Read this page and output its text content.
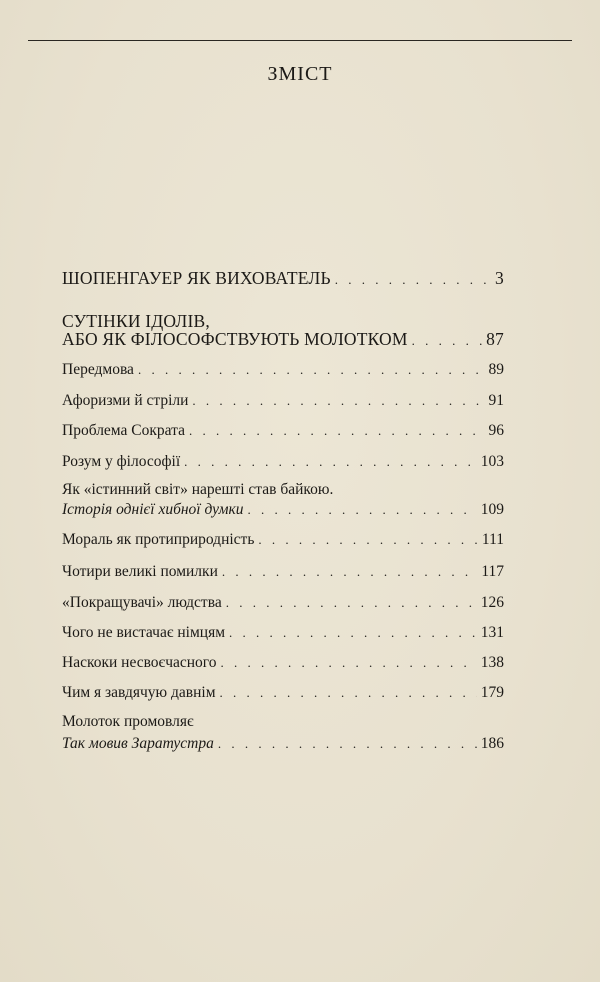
ЗМІСТ
ШОПЕНГАУЕР ЯК ВИХОВАТЕЛЬ . . .	3
СУТІНКИ ІДОЛІВ,
АБО ЯК ФІЛОСОФСТВУЮТЬ МОЛОТКОМ . . .	87
Передмова . . .	89
Афоризми й стріли . . .	91
Проблема Сократа . . .	96
Розум у філософії . . .	103
Як «істинний світ» нарешті став байкою.
Історія однієї хибної думки . . .	109
Мораль як протиприродність . . .	111
Чотири великі помилки . . .	117
«Покращувачі» людства . . .	126
Чого не вистачає німцям . . .	131
Наскоки несвоєчасного . . .	138
Чим я завдячую давнім . . .	179
Молоток промовляє
Так мовив Заратустра . . .	186
